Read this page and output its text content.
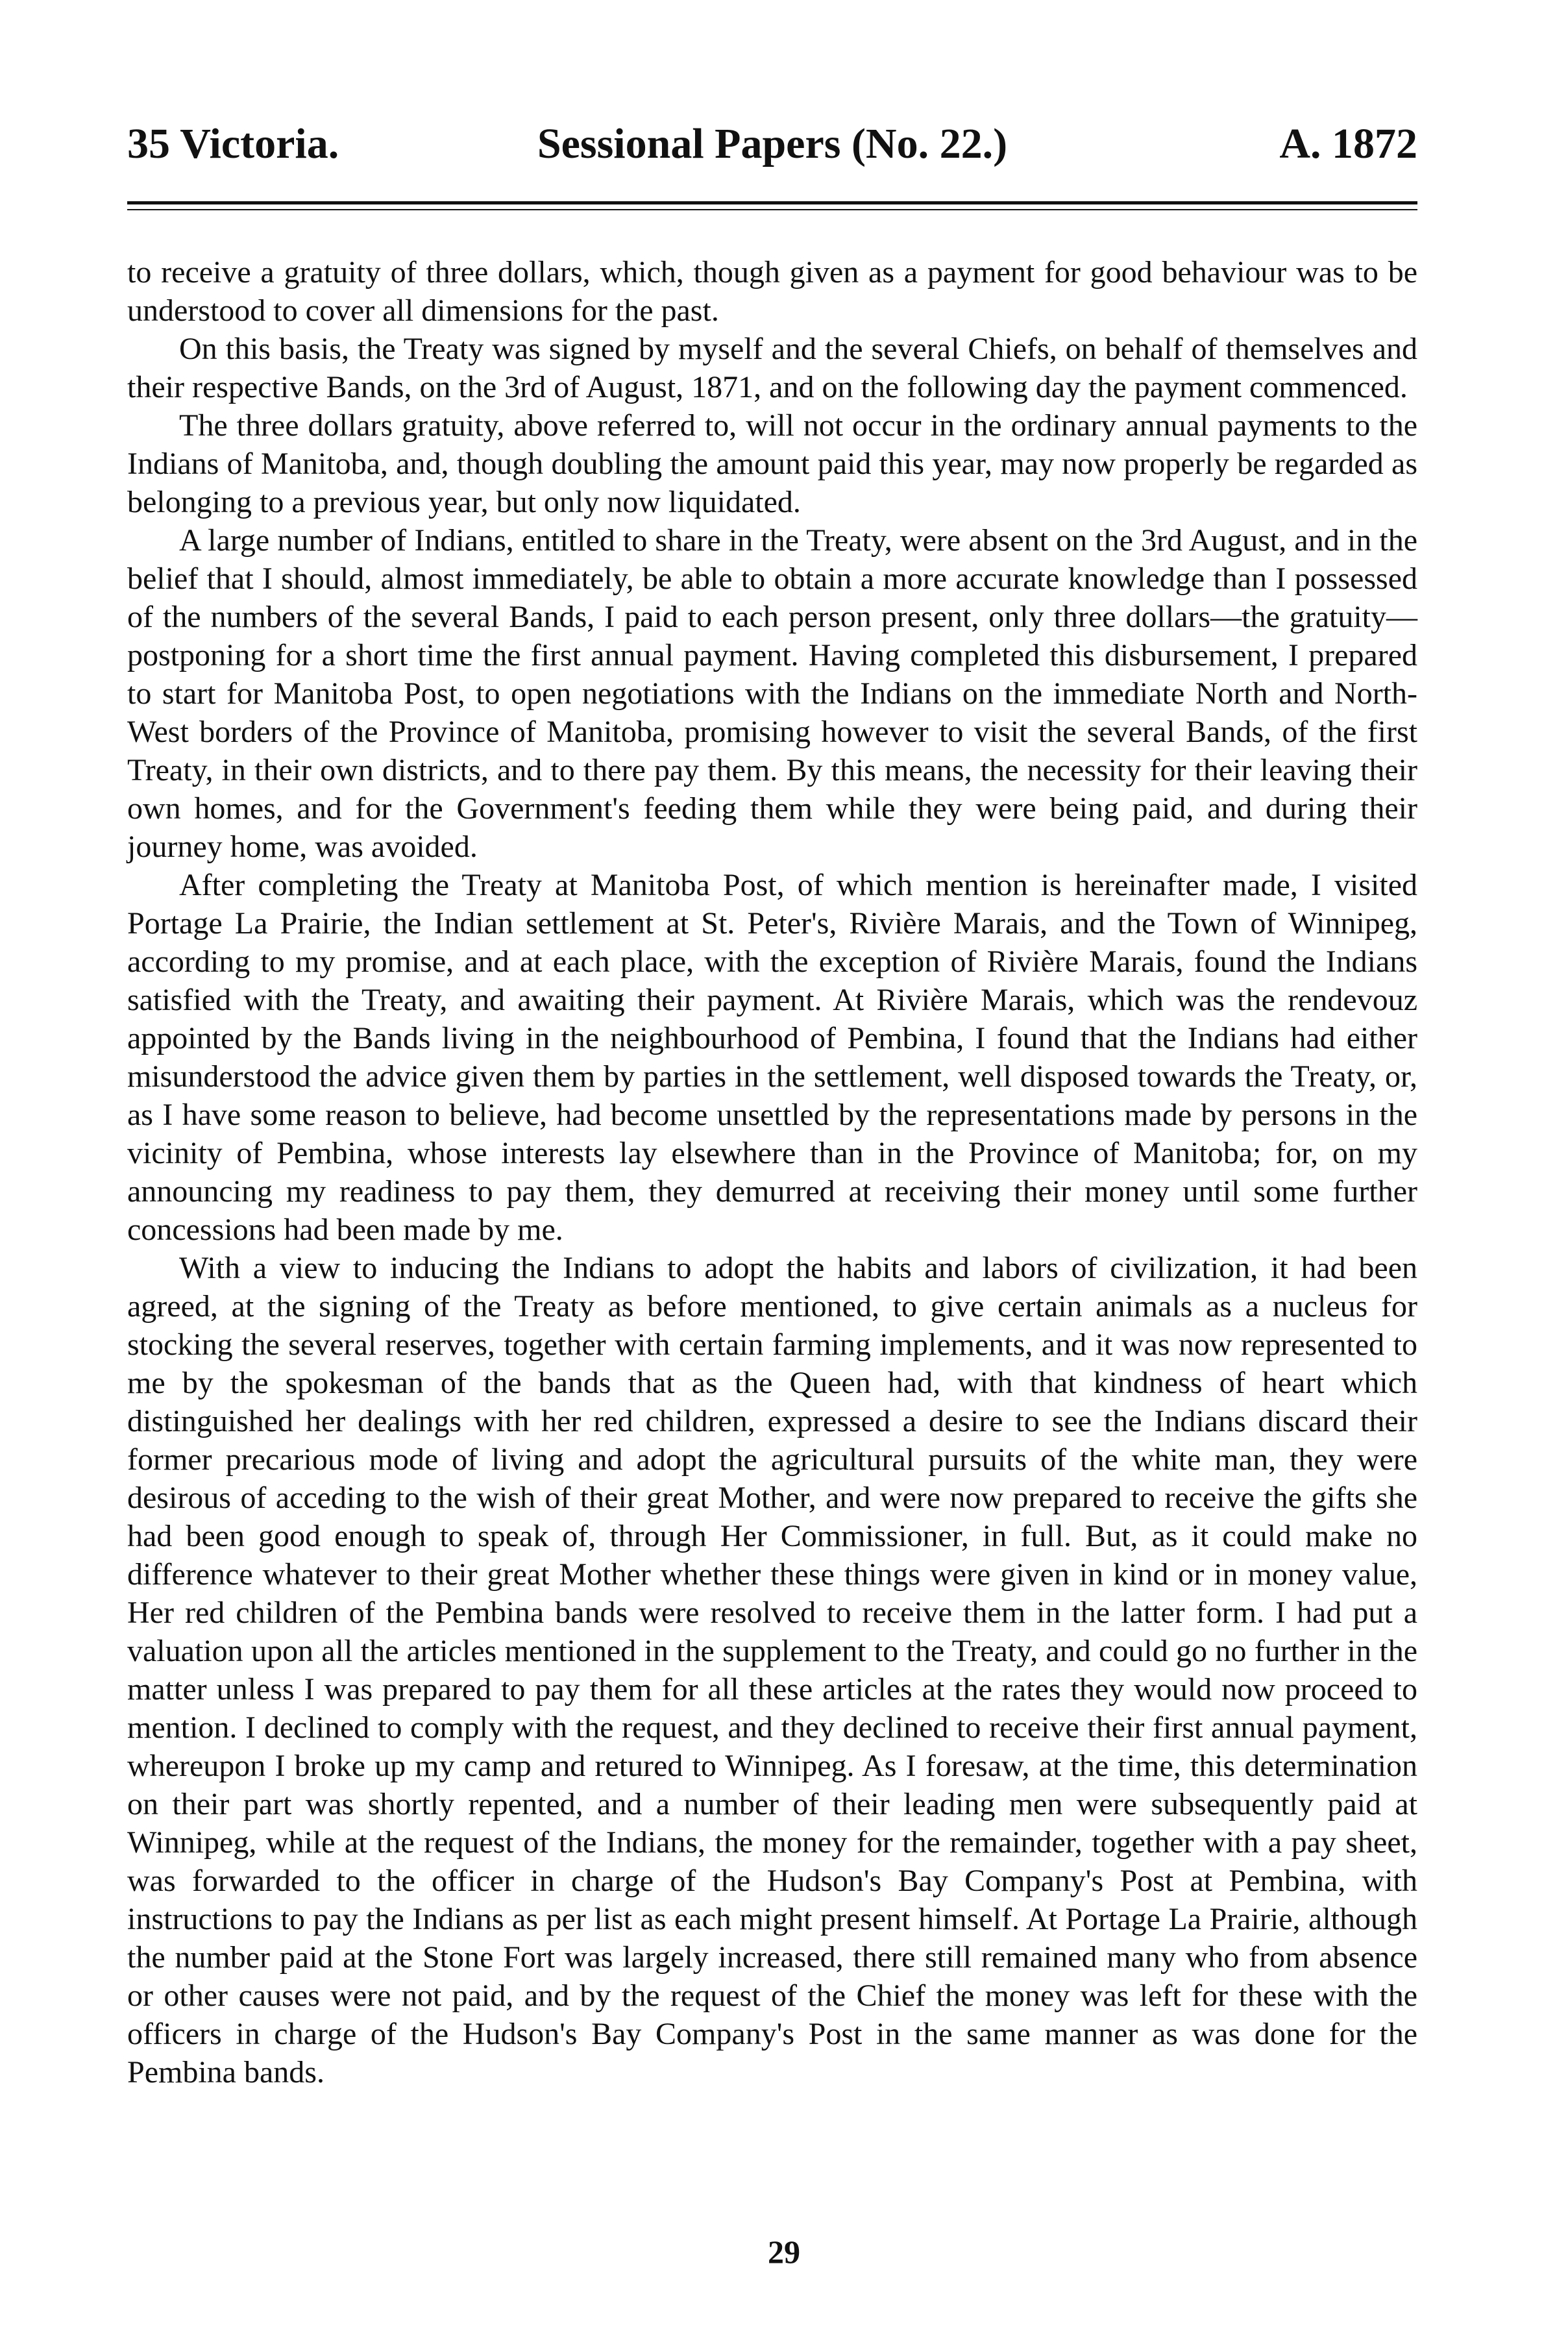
35 Victoria.	Sessional Papers (No. 22.)	A. 1872

to receive a gratuity of three dollars, which, though given as a payment for good behaviour was to be understood to cover all dimensions for the past.

On this basis, the Treaty was signed by myself and the several Chiefs, on behalf of themselves and their respective Bands, on the 3rd of August, 1871, and on the following day the payment commenced.

The three dollars gratuity, above referred to, will not occur in the ordinary annual payments to the Indians of Manitoba, and, though doubling the amount paid this year, may now properly be regarded as belonging to a previous year, but only now liquidated.

A large number of Indians, entitled to share in the Treaty, were absent on the 3rd August, and in the belief that I should, almost immediately, be able to obtain a more accurate knowledge than I possessed of the numbers of the several Bands, I paid to each person present, only three dollars—the gratuity—postponing for a short time the first annual payment. Having completed this disbursement, I prepared to start for Manitoba Post, to open negotiations with the Indians on the immediate North and North-West borders of the Province of Manitoba, promising however to visit the several Bands, of the first Treaty, in their own districts, and to there pay them. By this means, the necessity for their leaving their own homes, and for the Government's feeding them while they were being paid, and during their journey home, was avoided.

After completing the Treaty at Manitoba Post, of which mention is hereinafter made, I visited Portage La Prairie, the Indian settlement at St. Peter's, Rivière Marais, and the Town of Winnipeg, according to my promise, and at each place, with the exception of Rivière Marais, found the Indians satisfied with the Treaty, and awaiting their payment. At Rivière Marais, which was the rendevouz appointed by the Bands living in the neighbourhood of Pembina, I found that the Indians had either misunderstood the advice given them by parties in the settlement, well disposed towards the Treaty, or, as I have some reason to believe, had become unsettled by the representations made by persons in the vicinity of Pembina, whose interests lay elsewhere than in the Province of Manitoba; for, on my announcing my readiness to pay them, they demurred at receiving their money until some further concessions had been made by me.

With a view to inducing the Indians to adopt the habits and labors of civilization, it had been agreed, at the signing of the Treaty as before mentioned, to give certain animals as a nucleus for stocking the several reserves, together with certain farming implements, and it was now represented to me by the spokesman of the bands that as the Queen had, with that kindness of heart which distinguished her dealings with her red children, expressed a desire to see the Indians discard their former precarious mode of living and adopt the agricultural pursuits of the white man, they were desirous of acceding to the wish of their great Mother, and were now prepared to receive the gifts she had been good enough to speak of, through Her Commissioner, in full. But, as it could make no difference whatever to their great Mother whether these things were given in kind or in money value, Her red children of the Pembina bands were resolved to receive them in the latter form. I had put a valuation upon all the articles mentioned in the supplement to the Treaty, and could go no further in the matter unless I was prepared to pay them for all these articles at the rates they would now proceed to mention. I declined to comply with the request, and they declined to receive their first annual payment, whereupon I broke up my camp and retured to Winnipeg. As I foresaw, at the time, this determination on their part was shortly repented, and a number of their leading men were subsequently paid at Winnipeg, while at the request of the Indians, the money for the remainder, together with a pay sheet, was forwarded to the officer in charge of the Hudson's Bay Company's Post at Pembina, with instructions to pay the Indians as per list as each might present himself. At Portage La Prairie, although the number paid at the Stone Fort was largely increased, there still remained many who from absence or other causes were not paid, and by the request of the Chief the money was left for these with the officers in charge of the Hudson's Bay Company's Post in the same manner as was done for the Pembina bands.

29
